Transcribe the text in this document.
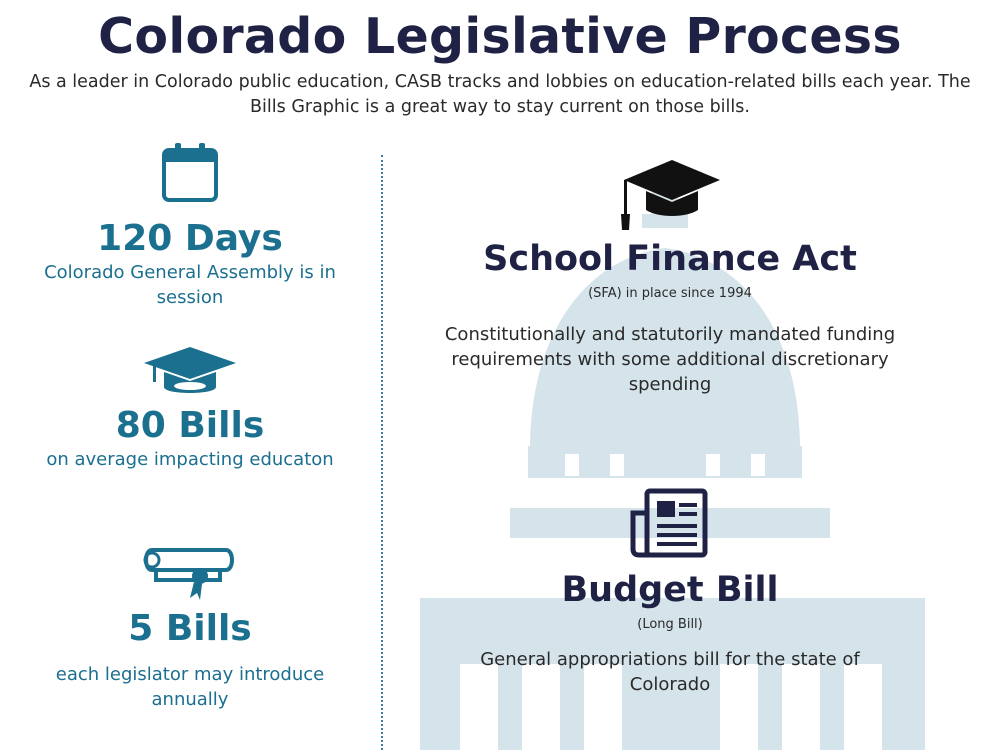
Colorado Legislative Process
As a leader in Colorado public education, CASB tracks and lobbies on education-related bills each year. The Bills Graphic is a great way to stay current on those bills.
120 Days
Colorado General Assembly is in session
80 Bills
on average impacting educaton
5 Bills
each legislator may introduce annually
School Finance Act
(SFA) in place since 1994
Constitutionally and statutorily mandated funding requirements with some additional discretionary spending
Budget Bill
(Long Bill)
General appropriations bill for the state of Colorado
